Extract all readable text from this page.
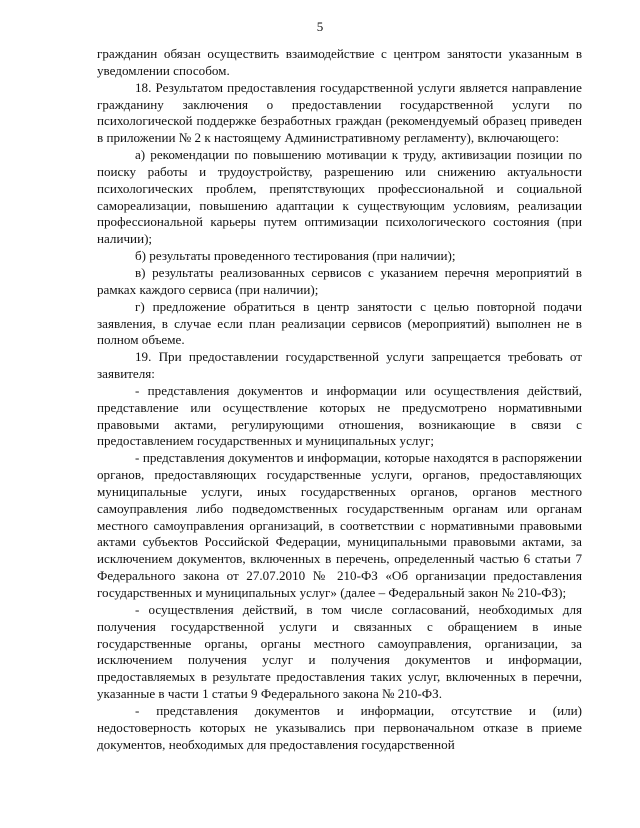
5

гражданин обязан осуществить взаимодействие с центром занятости указанным в уведомлении способом.

18. Результатом предоставления государственной услуги является направление гражданину заключения о предоставлении государственной услуги по психологической поддержке безработных граждан (рекомендуемый образец приведен в приложении № 2 к настоящему Административному регламенту), включающего:

а) рекомендации по повышению мотивации к труду, активизации позиции по поиску работы и трудоустройству, разрешению или снижению актуальности психологических проблем, препятствующих профессиональной и социальной самореализации, повышению адаптации к существующим условиям, реализации профессиональной карьеры путем оптимизации психологического состояния (при наличии);

б) результаты проведенного тестирования (при наличии);

в) результаты реализованных сервисов с указанием перечня мероприятий в рамках каждого сервиса (при наличии);

г) предложение обратиться в центр занятости с целью повторной подачи заявления, в случае если план реализации сервисов (мероприятий) выполнен не в полном объеме.

19. При предоставлении государственной услуги запрещается требовать от заявителя:

- представления документов и информации или осуществления действий, представление или осуществление которых не предусмотрено нормативными правовыми актами, регулирующими отношения, возникающие в связи с предоставлением государственных и муниципальных услуг;

- представления документов и информации, которые находятся в распоряжении органов, предоставляющих государственные услуги, органов, предоставляющих муниципальные услуги, иных государственных органов, органов местного самоуправления либо подведомственных государственным органам или органам местного самоуправления организаций, в соответствии с нормативными правовыми актами субъектов Российской Федерации, муниципальными правовыми актами, за исключением документов, включенных в перечень, определенный частью 6 статьи 7 Федерального закона от 27.07.2010 № 210-ФЗ «Об организации предоставления государственных и муниципальных услуг» (далее – Федеральный закон № 210-ФЗ);

- осуществления действий, в том числе согласований, необходимых для получения государственной услуги и связанных с обращением в иные государственные органы, органы местного самоуправления, организации, за исключением получения услуг и получения документов и информации, предоставляемых в результате предоставления таких услуг, включенных в перечни, указанные в части 1 статьи 9 Федерального закона № 210-ФЗ.

- представления документов и информации, отсутствие и (или) недостоверность которых не указывались при первоначальном отказе в приеме документов, необходимых для предоставления государственной
